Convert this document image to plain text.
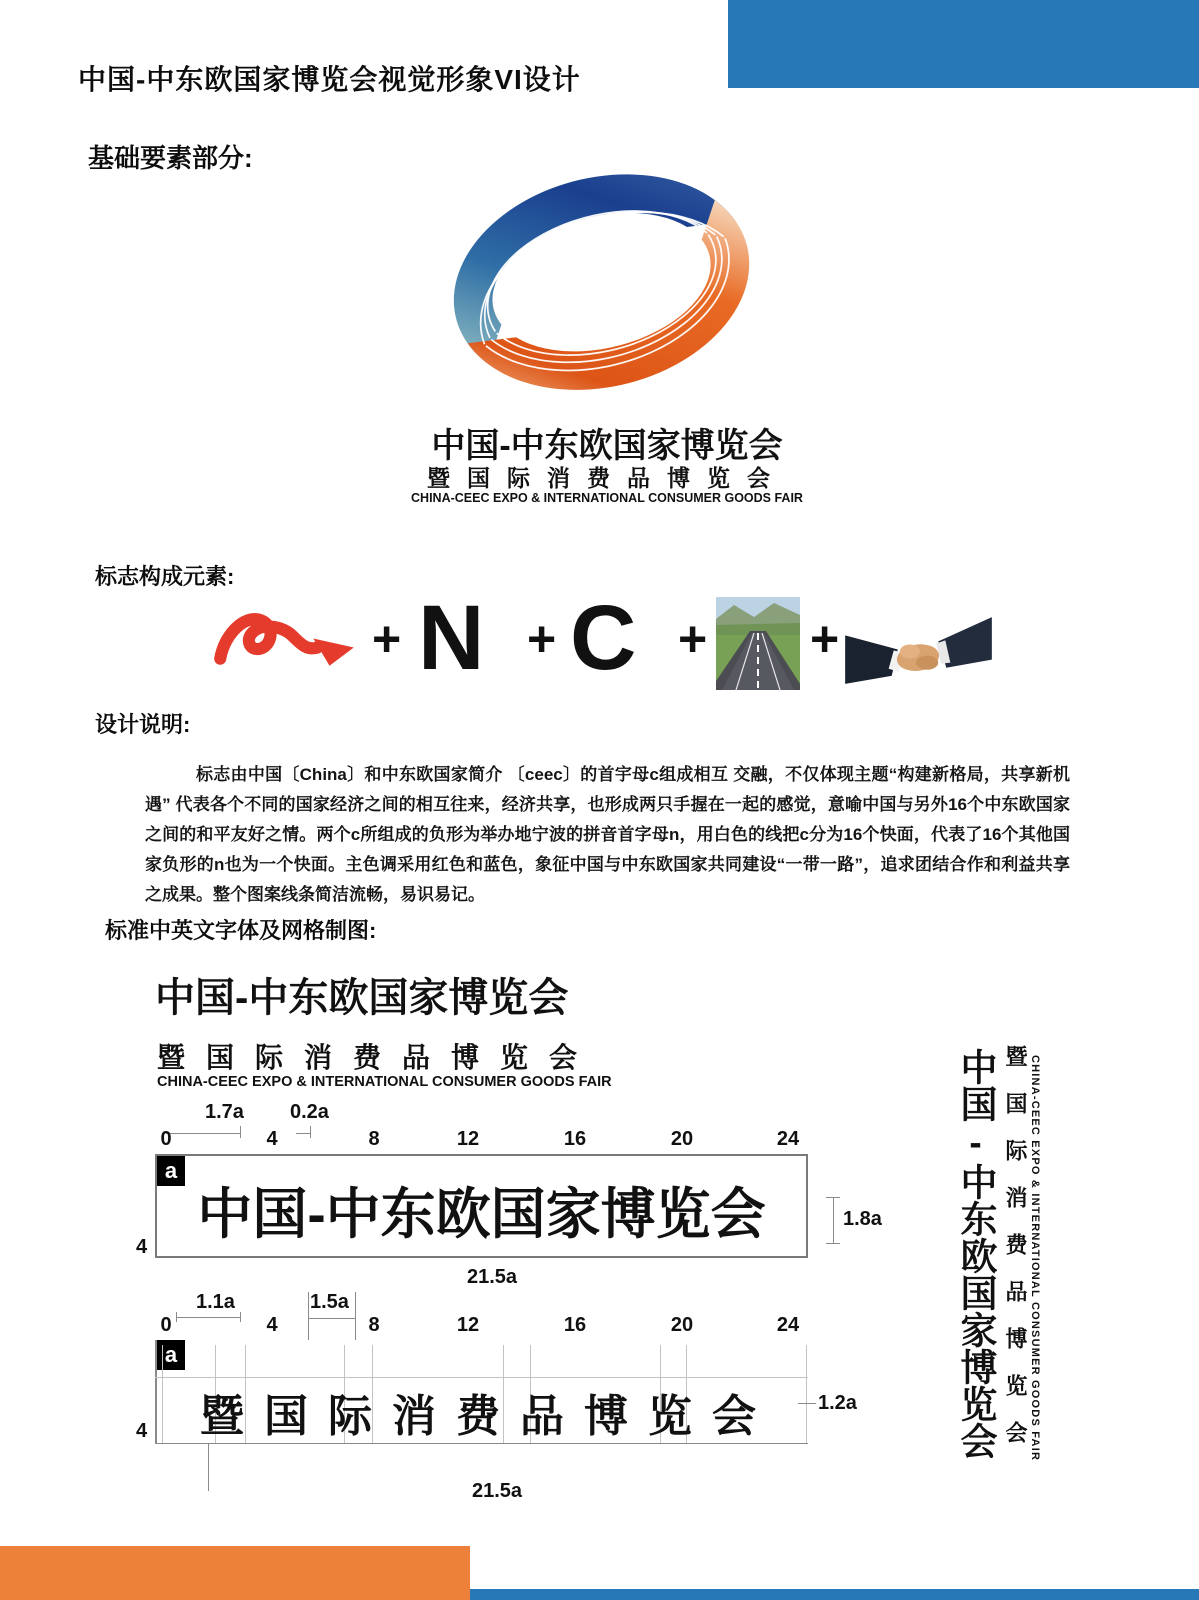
中国-中东欧国家博览会视觉形象VI设计
基础要素部分:
中国-中东欧国家博览会
暨国际消费品博览会
CHINA-CEEC EXPO & INTERNATIONAL CONSUMER GOODS FAIR
标志构成元素:
+ N + C + +
设计说明:
标志由中国〔China〕和中东欧国家简介 〔ceec〕的首宇母c组成相互 交融，不仅体现主题“构建新格局，共享新机遇” 代表各个不同的国家经济之间的相互往来，经济共享，也形成两只手握在一起的感觉，意喻中国与另外16个中东欧国家之间的和平友好之情。两个c所组成的负形为举办地宁波的拼音首字母n，用白色的线把c分为16个快面，代表了16个其他国家负形的n也为一个快面。主色调采用红色和蓝色，象征中国与中东欧国家共同建设“一带一路”，追求团结合作和利益共享之成果。整个图案线条简洁流畅，易识易记。
标准中英文字体及网格制图:
中国-中东欧国家博览会
暨国际消费品博览会
CHINA-CEEC EXPO & INTERNATIONAL CONSUMER GOODS FAIR
1.7a 0.2a
0	4	8	12	16	20	24
a
中国-中东欧国家博览会	1.8a
4
21.5a
1.1a	1.5a
0	4	8	12	16	20	24
a
暨国际消费品博览会 1.2a
4
21.5a
中国-中东欧国家博览会 暨国际消费品博览会 CHINA-CEEC EXPO & INTERNATIONAL CONSUMER GOODS FAIR
